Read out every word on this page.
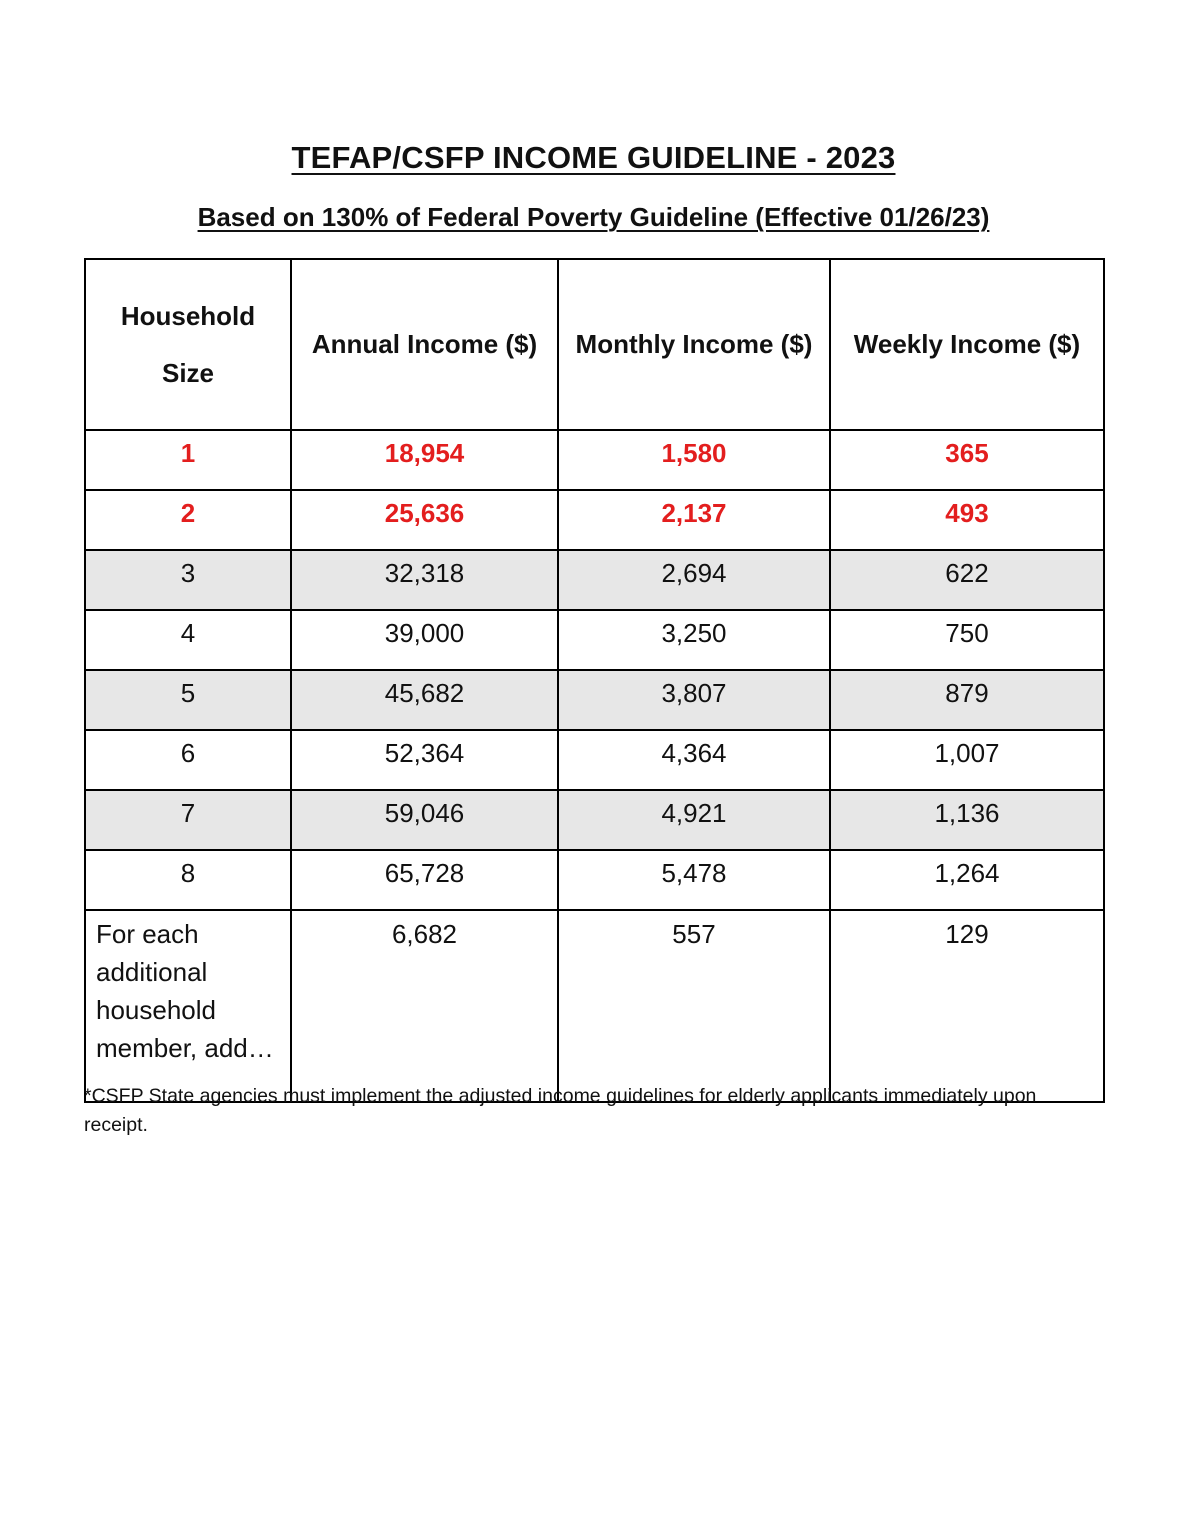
TEFAP/CSFP INCOME GUIDELINE - 2023
Based on 130% of Federal Poverty Guideline (Effective 01/26/23)
Household Size	Annual Income ($)	Monthly Income ($)	Weekly Income ($)

1	18,954	1,580	365
2	25,636	2,137	493
3	32,318	2,694	622
4	39,000	3,250	750
5	45,682	3,807	879
6	52,364	4,364	1,007
7	59,046	4,921	1,136
8	65,728	5,478	1,264
For each additional household member, add…	6,682	557	129
*CSFP State agencies must implement the adjusted income guidelines for elderly applicants immediately upon receipt.
